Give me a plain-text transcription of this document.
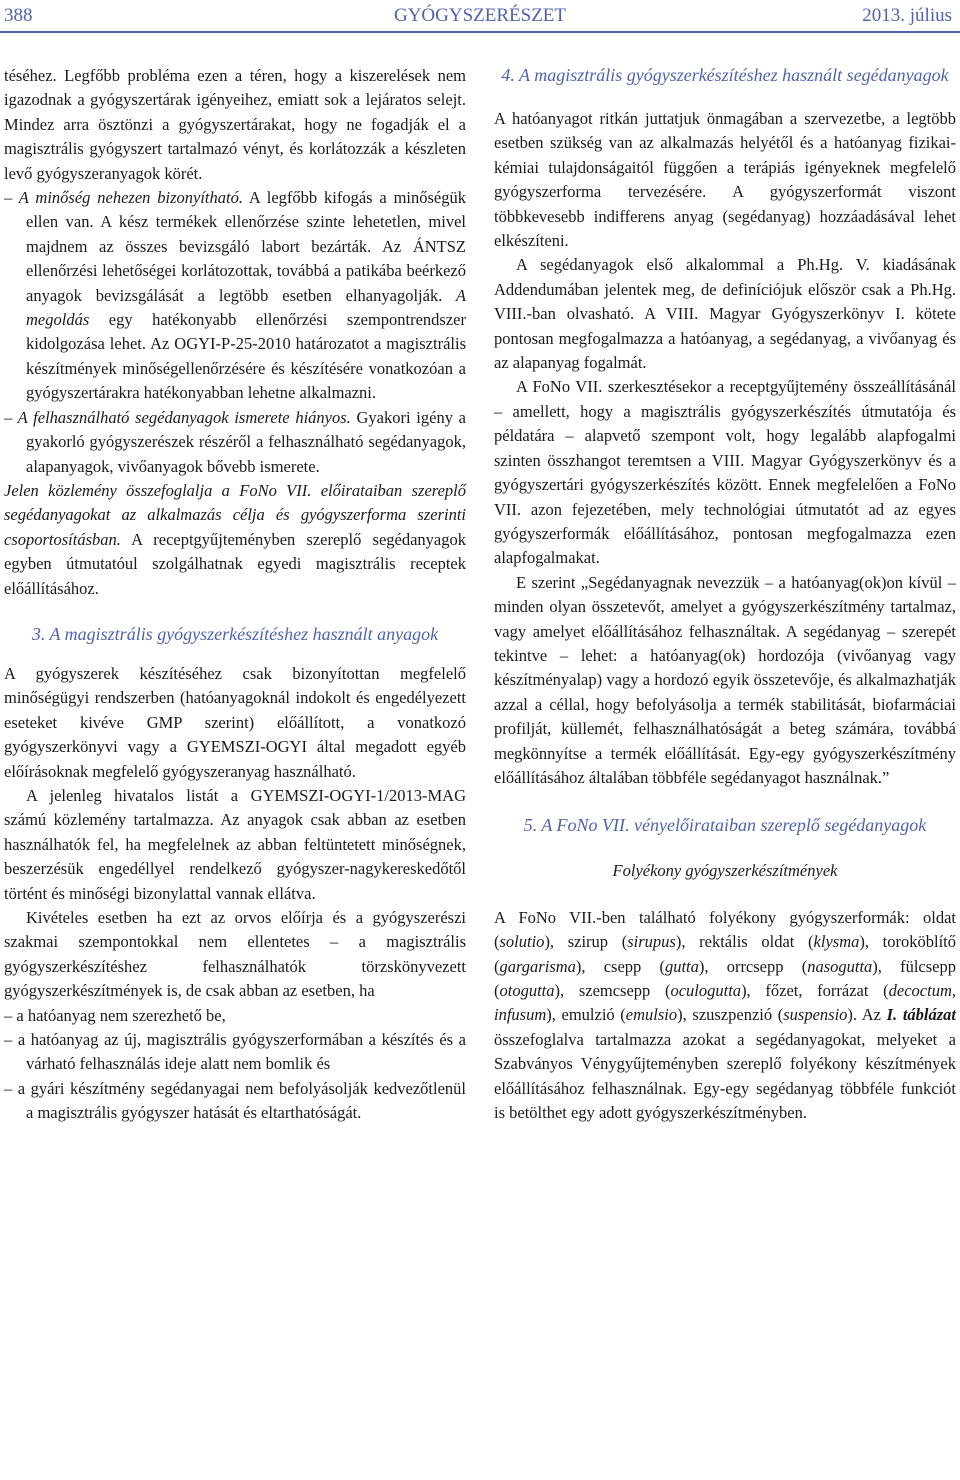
388	GYÓGYSZERÉSZET	2013. július

téséhez. Legfőbb probléma ezen a téren, hogy a kiszerelések nem igazodnak a gyógyszertárak igényeihez, emiatt sok a lejáratos selejt. Mindez arra ösztönzi a gyógyszertárakat, hogy ne fogadják el a magisztrális gyógyszert tartalmazó vényt, és korlátozzák a készleten levő gyógyszeranyagok körét.

– A minőség nehezen bizonyítható. A legfőbb kifogás a minőségük ellen van. A kész termékek ellenőrzése szinte lehetetlen, mivel majdnem az összes bevizsgáló labort bezárták. Az ÁNTSZ ellenőrzési lehetőségei korlátozottak, továbbá a patikába beérkező anyagok bevizsgálását a legtöbb esetben elhanyagolják. A megoldás egy hatékonyabb ellenőrzési szempontrendszer kidolgozása lehet. Az OGYI-P-25-2010 határozatot a magisztrális készítmények minőségellenőrzésére és készítésére vonatkozóan a gyógyszertárakra hatékonyabban lehetne alkalmazni.

– A felhasználható segédanyagok ismerete hiányos. Gyakori igény a gyakorló gyógyszerészek részéről a felhasználható segédanyagok, alapanyagok, vivőanyagok bővebb ismerete.

Jelen közlemény összefoglalja a FoNo VII. előirataiban szereplő segédanyagokat az alkalmazás célja és gyógyszerforma szerinti csoportosításban. A receptgyűjteményben szereplő segédanyagok egyben útmutatóul szolgálhatnak egyedi magisztrális receptek előállításához.

3. A magisztrális gyógyszerkészítéshez használt anyagok

A gyógyszerek készítéséhez csak bizonyítottan megfelelő minőségügyi rendszerben (hatóanyagoknál indokolt és engedélyezett eseteket kivéve GMP szerint) előállított, a vonatkozó gyógyszerkönyvi vagy a GYEMSZI-OGYI által megadott egyéb előírásoknak megfelelő gyógyszeranyag használható.

A jelenleg hivatalos listát a GYEMSZI-OGYI-1/2013-MAG számú közlemény tartalmazza. Az anyagok csak abban az esetben használhatók fel, ha megfelelnek az abban feltüntetett minőségnek, beszerzésük engedéllyel rendelkező gyógyszer-nagykereskedőtől történt és minőségi bizonylattal vannak ellátva.

Kivételes esetben ha ezt az orvos előírja és a gyógyszerészi szakmai szempontokkal nem ellentetes – a magisztrális gyógyszerkészítéshez felhasználhatók törzskönyvezett gyógyszerkészítmények is, de csak abban az esetben, ha

– a hatóanyag nem szerezhető be,

– a hatóanyag az új, magisztrális gyógyszerformában a készítés és a várható felhasználás ideje alatt nem bomlik és

– a gyári készítmény segédanyagai nem befolyásolják kedvezőtlenül a magisztrális gyógyszer hatását és eltarthatóságát.

4. A magisztrális gyógyszerkészítéshez használt segédanyagok

A hatóanyagot ritkán juttatjuk önmagában a szervezetbe, a legtöbb esetben szükség van az alkalmazás helyétől és a hatóanyag fizikai-kémiai tulajdonságaitól függően a terápiás igényeknek megfelelő gyógyszerforma tervezésére. A gyógyszerformát viszont többkevesebb indifferens anyag (segédanyag) hozzáadásával lehet elkészíteni.

A segédanyagok első alkalommal a Ph.Hg. V. kiadásának Addendumában jelentek meg, de definíciójuk először csak a Ph.Hg. VIII.-ban olvasható. A VIII. Magyar Gyógyszerkönyv I. kötete pontosan megfogalmazza a hatóanyag, a segédanyag, a vivőanyag és az alapanyag fogalmát.

A FoNo VII. szerkesztésekor a receptgyűjtemény összeállításánál – amellett, hogy a magisztrális gyógyszerkészítés útmutatója és példatára – alapvető szempont volt, hogy legalább alapfogalmi szinten összhangot teremtsen a VIII. Magyar Gyógyszerkönyv és a gyógyszertári gyógyszerkészítés között. Ennek megfelelően a FoNo VII. azon fejezetében, mely technológiai útmutatót ad az egyes gyógyszerformák előállításához, pontosan megfogalmazza ezen alapfogalmakat.

E szerint „Segédanyagnak nevezzük – a hatóanyag(ok)on kívül – minden olyan összetevőt, amelyet a gyógyszerkészítmény tartalmaz, vagy amelyet előállításához felhasználtak. A segédanyag – szerepét tekintve – lehet: a hatóanyag(ok) hordozója (vivőanyag vagy készítményalap) vagy a hordozó egyik összetevője, és alkalmazhatják azzal a céllal, hogy befolyásolja a termék stabilitását, biofarmáciai profilját, küllemét, felhasználhatóságát a beteg számára, továbbá megkönnyítse a termék előállítását. Egy-egy gyógyszerkészítmény előállításához általában többféle segédanyagot használnak.”

5. A FoNo VII. vényelőirataiban szereplő segédanyagok

Folyékony gyógyszerkészítmények

A FoNo VII.-ben található folyékony gyógyszerformák: oldat (solutio), szirup (sirupus), rektális oldat (klysma), toroköblítő (gargarisma), csepp (gutta), orrcsepp (nasogutta), fülcsepp (otogutta), szemcsepp (oculogutta), főzet, forrázat (decoctum, infusum), emulzió (emulsio), szuszpenzió (suspensio). Az I. táblázat összefoglalva tartalmazza azokat a segédanyagokat, melyeket a Szabványos Vénygyűjteményben szereplő folyékony készítmények előállításához felhasználnak. Egy-egy segédanyag többféle funkciót is betölthet egy adott gyógyszerkészítményben.
